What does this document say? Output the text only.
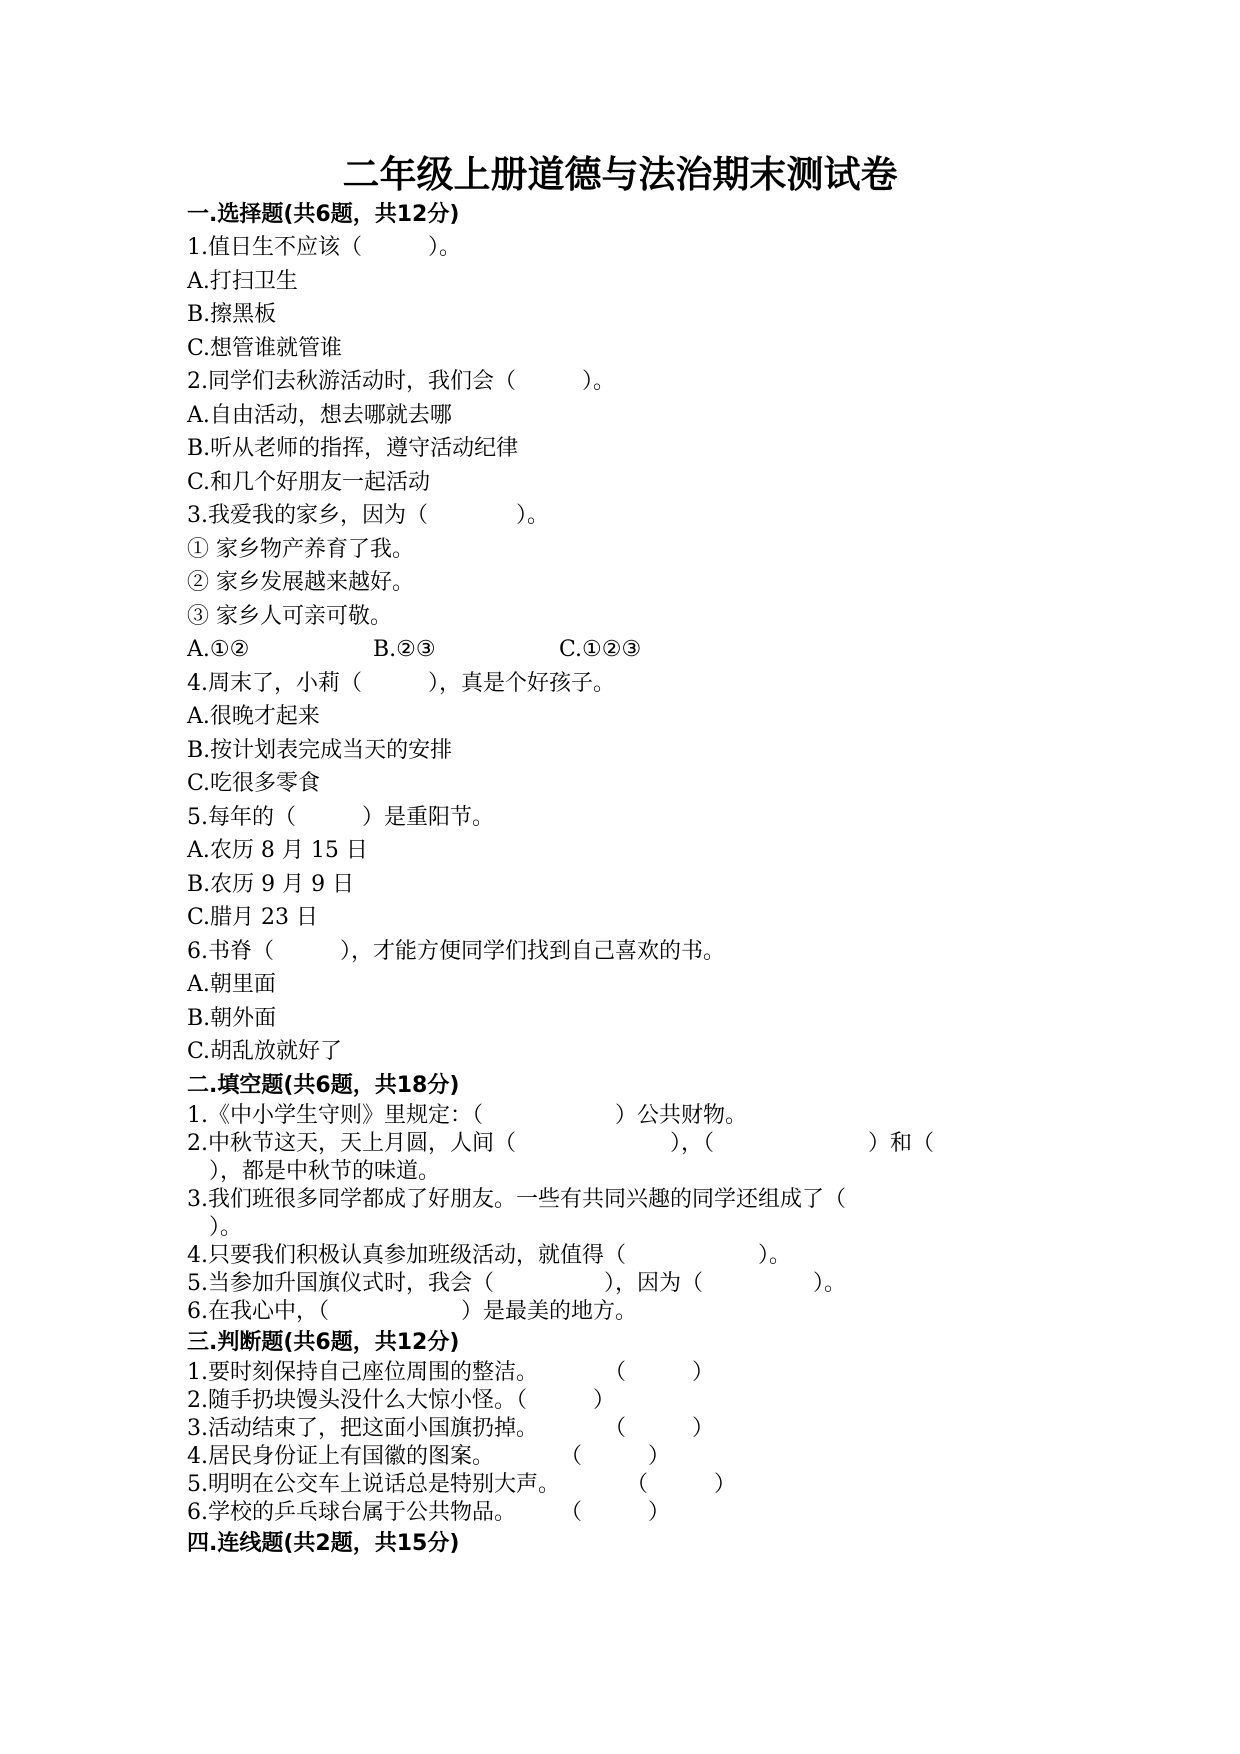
二年级上册道德与法治期末测试卷
一.选择题(共6题，共12分)
1.值日生不应该（　　　）。
A.打扫卫生
B.擦黑板
C.想管谁就管谁
2.同学们去秋游活动时，我们会（　　　）。
A.自由活动，想去哪就去哪
B.听从老师的指挥，遵守活动纪律
C.和几个好朋友一起活动
3.我爱我的家乡，因为（　　　　）。
① 家乡物产养育了我。
② 家乡发展越来越好。
③ 家乡人可亲可敬。
A.①②	B.②③	C.①②③
4.周末了，小莉（　　　），真是个好孩子。
A.很晚才起来
B.按计划表完成当天的安排
C.吃很多零食
5.每年的（　　　）是重阳节。
A.农历 8 月 15 日
B.农历 9 月 9 日
C.腊月 23 日
6.书脊（　　　），才能方便同学们找到自己喜欢的书。
A.朝里面
B.朝外面
C.胡乱放就好了
二.填空题(共6题，共18分)
1.《中小学生守则》里规定：（　　　　　　）公共财物。
2.中秋节这天，天上月圆，人间（　　　　　　　），（　　　　　　　）和（
　），都是中秋节的味道。
3.我们班很多同学都成了好朋友。一些有共同兴趣的同学还组成了（
　）。
4.只要我们积极认真参加班级活动，就值得（　　　　　　）。
5.当参加升国旗仪式时，我会（　　　　　），因为（　　　　　）。
6.在我心中，（　　　　　　）是最美的地方。
三.判断题(共6题，共12分)
1.要时刻保持自己座位周围的整洁。　　　　（　　　）
2.随手扔块馒头没什么大惊小怪。（　　　）
3.活动结束了，把这面小国旗扔掉。　　　　（　　　）
4.居民身份证上有国徽的图案。　　　　（　　　）
5.明明在公交车上说话总是特别大声。　　　　（　　　）
6.学校的乒乓球台属于公共物品。　　　（　　　）
四.连线题(共2题，共15分)
